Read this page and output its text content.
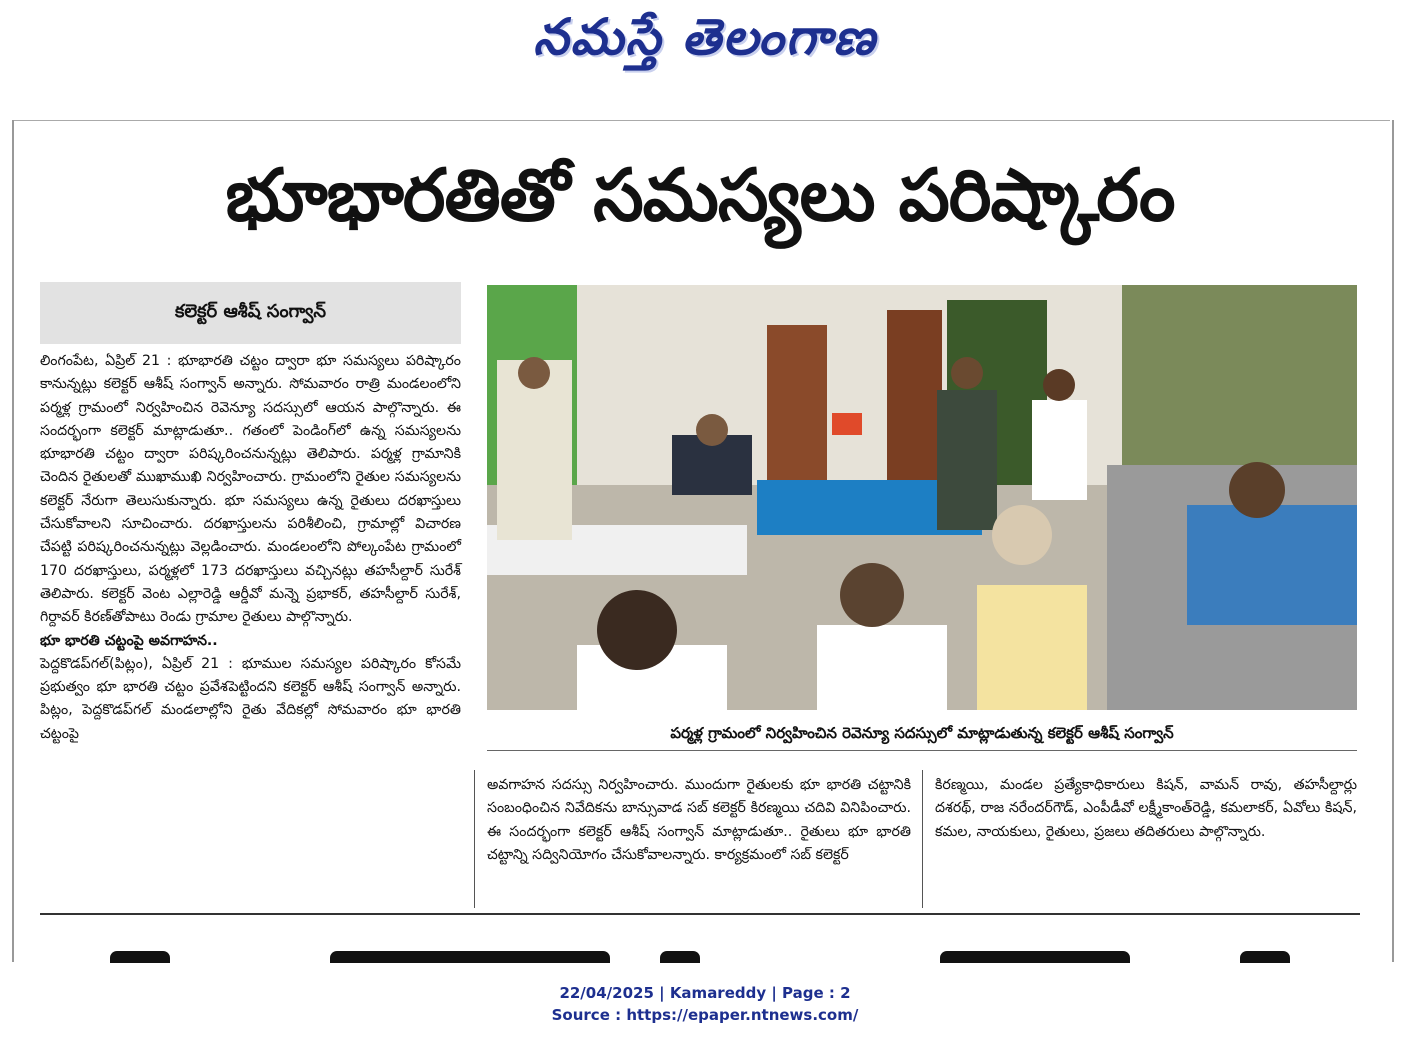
నమస్తే తెలంగాణ
భూభారతితో సమస్యలు పరిష్కారం
కలెక్టర్ ఆశీష్ సంగ్వాన్

లింగంపేట, ఏప్రిల్ 21 : భూభారతి చట్టం ద్వారా భూ సమస్యలు పరిష్కారం కానున్నట్లు కలెక్టర్ ఆశీష్ సంగ్వాన్ అన్నారు. సోమవారం రాత్రి మండలంలోని పర్మళ్ల గ్రామంలో నిర్వహించిన రెవెన్యూ సదస్సులో ఆయన పాల్గొన్నారు. ఈ సందర్భంగా కలెక్టర్ మాట్లాడుతూ.. గతంలో పెండింగ్‌లో ఉన్న సమస్యలను భూభారతి చట్టం ద్వారా పరిష్కరించనున్నట్లు తెలిపారు. పర్మళ్ల గ్రామానికి చెందిన రైతులతో ముఖాముఖి నిర్వహించారు. గ్రామంలోని రైతుల సమస్యలను కలెక్టర్ నేరుగా తెలుసుకున్నారు. భూ సమస్యలు ఉన్న రైతులు దరఖాస్తులు చేసుకోవాలని సూచించారు. దరఖాస్తులను పరిశీలించి, గ్రామాల్లో విచారణ చేపట్టి పరిష్కరించనున్నట్లు వెల్లడించారు. మండలంలోని పోల్కంపేట గ్రామంలో 170 దరఖాస్తులు, పర్మళ్లలో 173 దరఖాస్తులు వచ్చినట్లు తహసీల్దార్ సురేశ్ తెలిపారు. కలెక్టర్ వెంట ఎల్లారెడ్డి ఆర్డీవో మన్నె ప్రభాకర్, తహసీల్దార్ సురేశ్, గిర్దావర్ కిరణ్‌తోపాటు రెండు గ్రామాల రైతులు పాల్గొన్నారు.

భూ భారతి చట్టంపై అవగాహన..

పెద్దకొడప్‌గల్(పిట్లం), ఏప్రిల్ 21 : భూముల సమస్యల పరిష్కారం కోసమే ప్రభుత్వం భూ భారతి చట్టం ప్రవేశపెట్టిందని కలెక్టర్ ఆశీష్ సంగ్వాన్ అన్నారు. పిట్లం, పెద్దకొడప్‌గల్ మండలాల్లోని రైతు వేదికల్లో సోమవారం భూ భారతి చట్టంపై	పర్మళ్ల గ్రామంలో నిర్వహించిన రెవెన్యూ సదస్సులో మాట్లాడుతున్న కలెక్టర్ ఆశీష్ సంగ్వాన్

అవగాహన సదస్సు నిర్వహించారు. ముందుగా రైతులకు భూ భారతి చట్టానికి సంబంధించిన నివేదికను బాన్సువాడ సబ్ కలెక్టర్ కిరణ్మయి చదివి వినిపించారు. ఈ సందర్భంగా కలెక్టర్ ఆశీష్ సంగ్వాన్ మాట్లాడుతూ.. రైతులు భూ భారతి చట్టాన్ని సద్వినియోగం చేసుకోవాలన్నారు. కార్యక్రమంలో సబ్ కలెక్టర్

కిరణ్మయి, మండల ప్రత్యేకాధికారులు కిషన్, వామన్ రావు, తహసీల్దార్లు దశరథ్, రాజ నరేందర్‌గౌడ్, ఎంపీడీవో లక్ష్మీకాంత్‌రెడ్డి, కమలాకర్, ఏవోలు కిషన్, కమల, నాయకులు, రైతులు, ప్రజలు తదితరులు పాల్గొన్నారు.

22/04/2025 | Kamareddy | Page : 2
Source : https://epaper.ntnews.com/
